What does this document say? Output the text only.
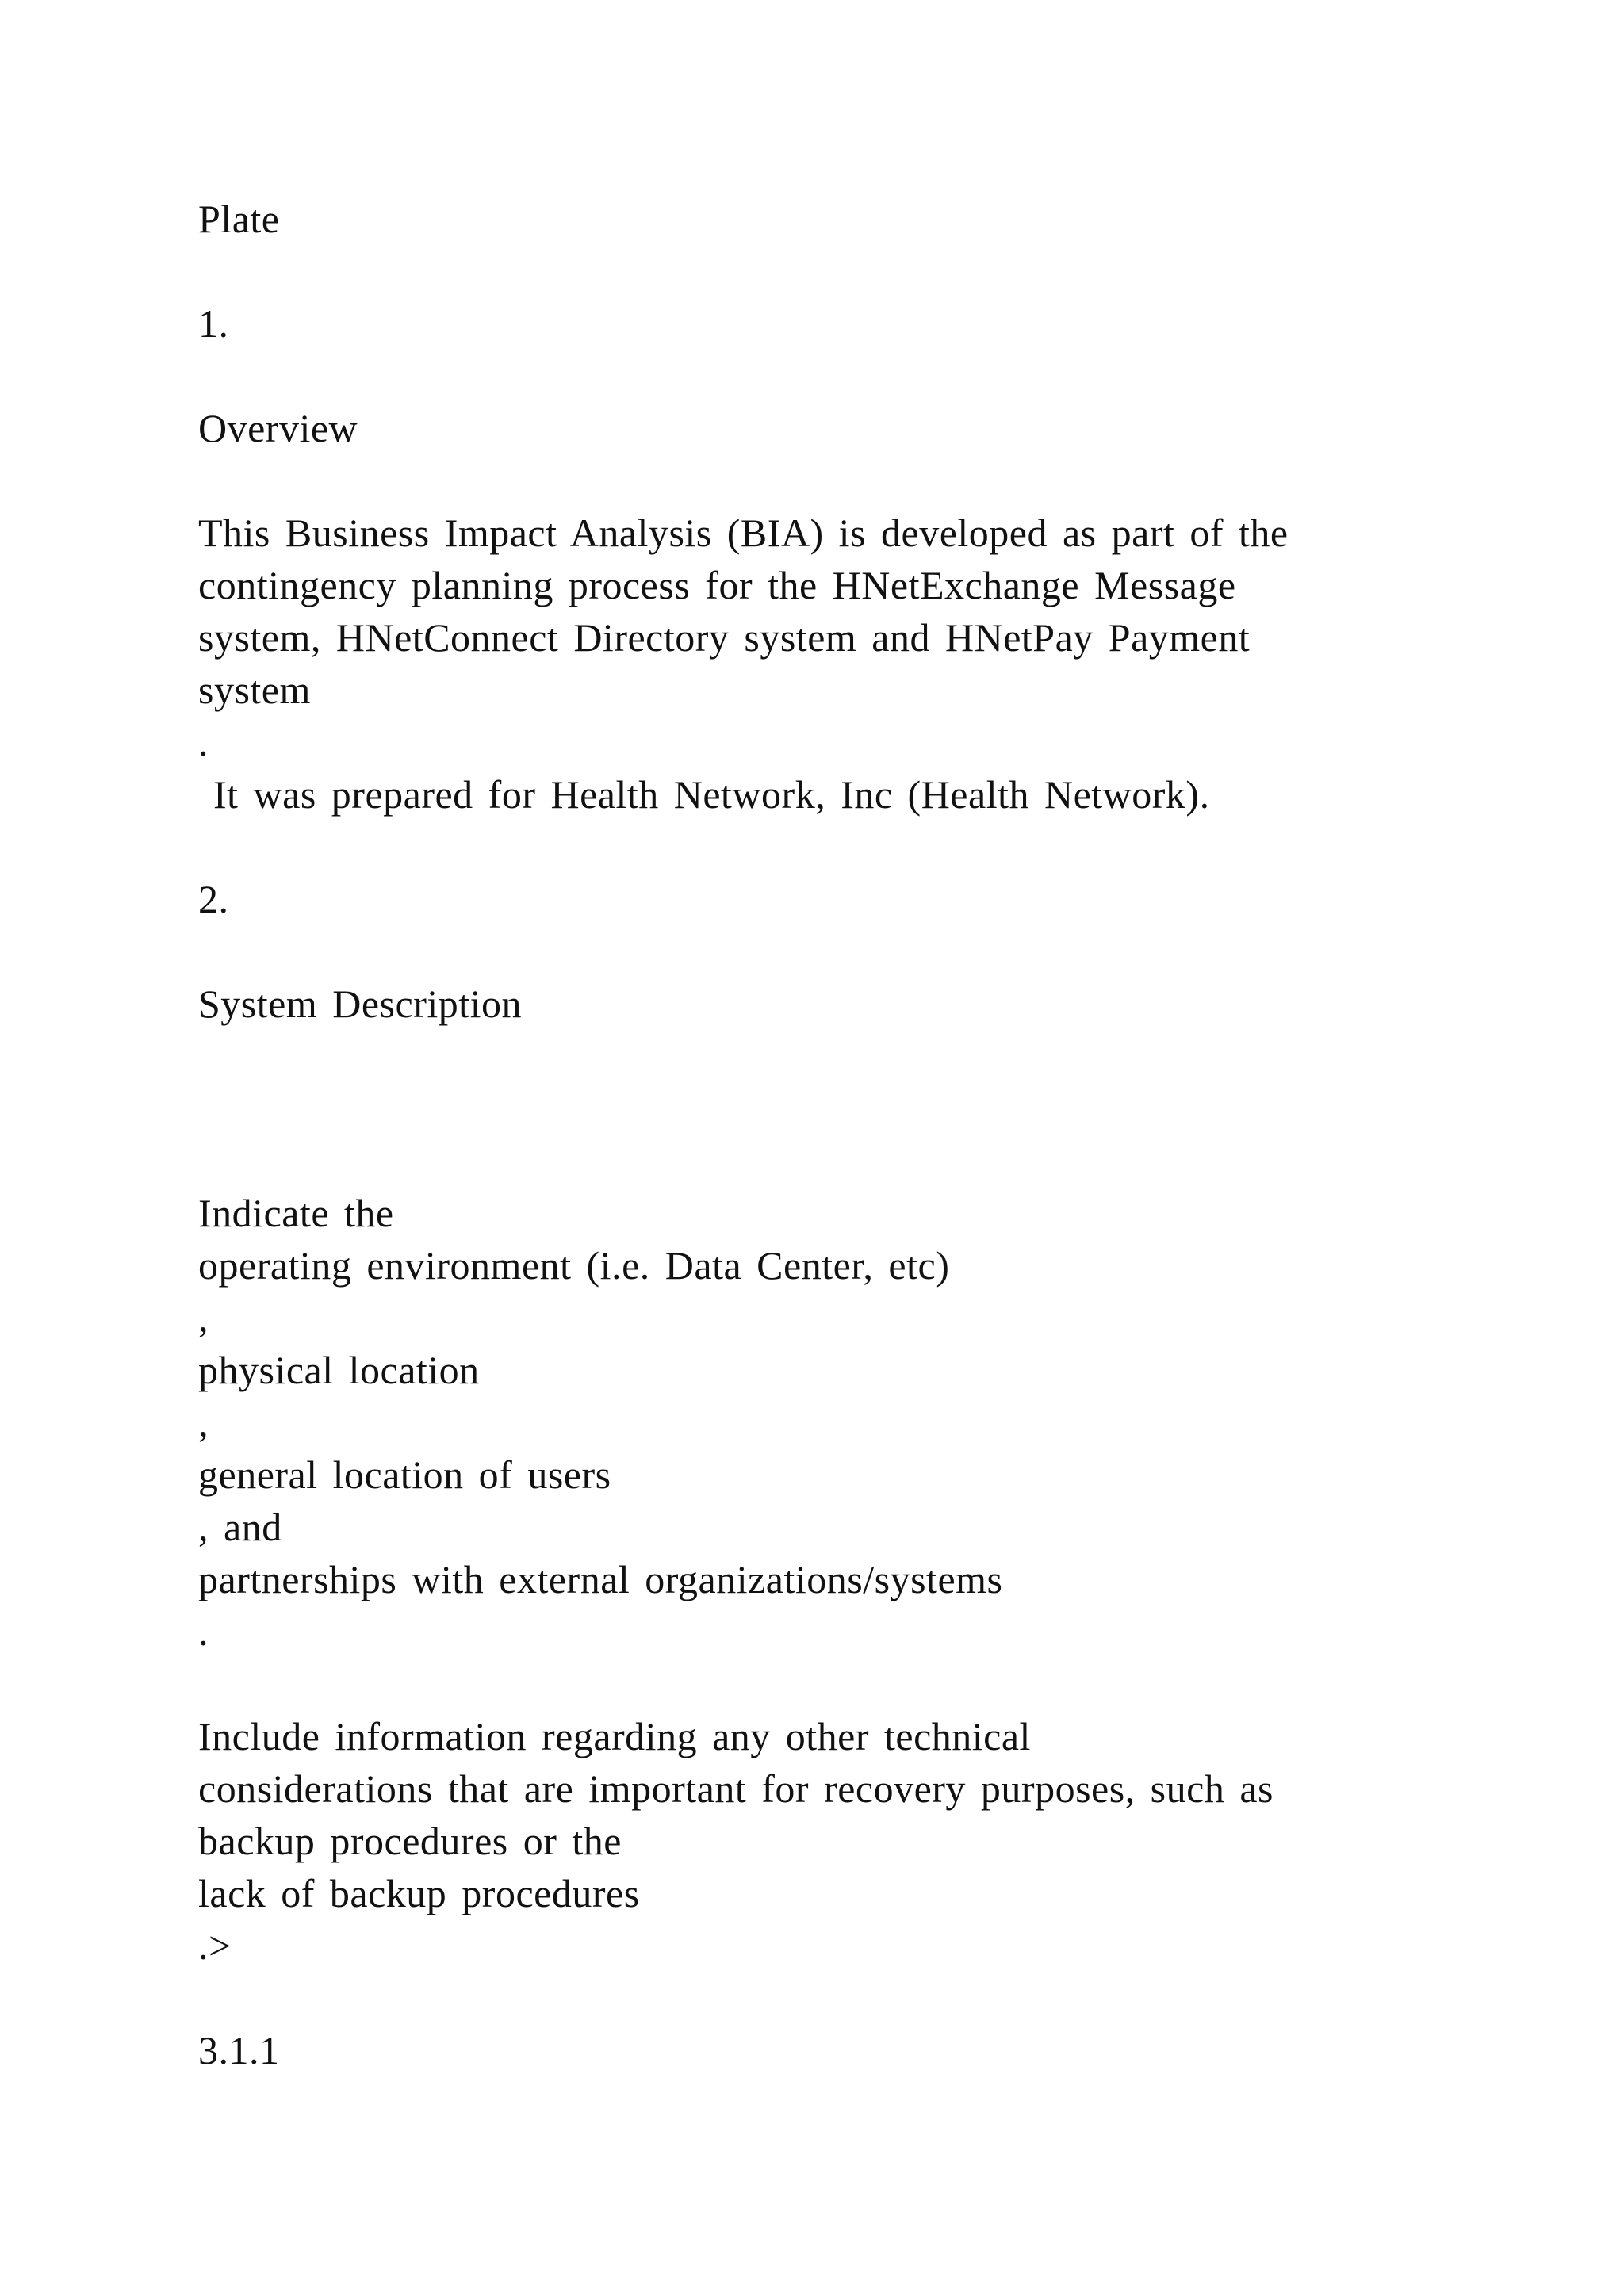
Plate

1.

Overview

This Business Impact Analysis (BIA) is developed as part of the

contingency planning process for the HNetExchange Message

system, HNetConnect Directory system and HNetPay Payment

system

.

It was prepared for Health Network, Inc (Health Network).

2.

System Description

Indicate the

operating environment (i.e. Data Center, etc)

,

physical location

,

general location of users

, and

partnerships with external organizations/systems

.

Include information regarding any other technical

considerations that are important for recovery purposes, such as

backup procedures or the

lack of backup procedures

.>

3.1.1
